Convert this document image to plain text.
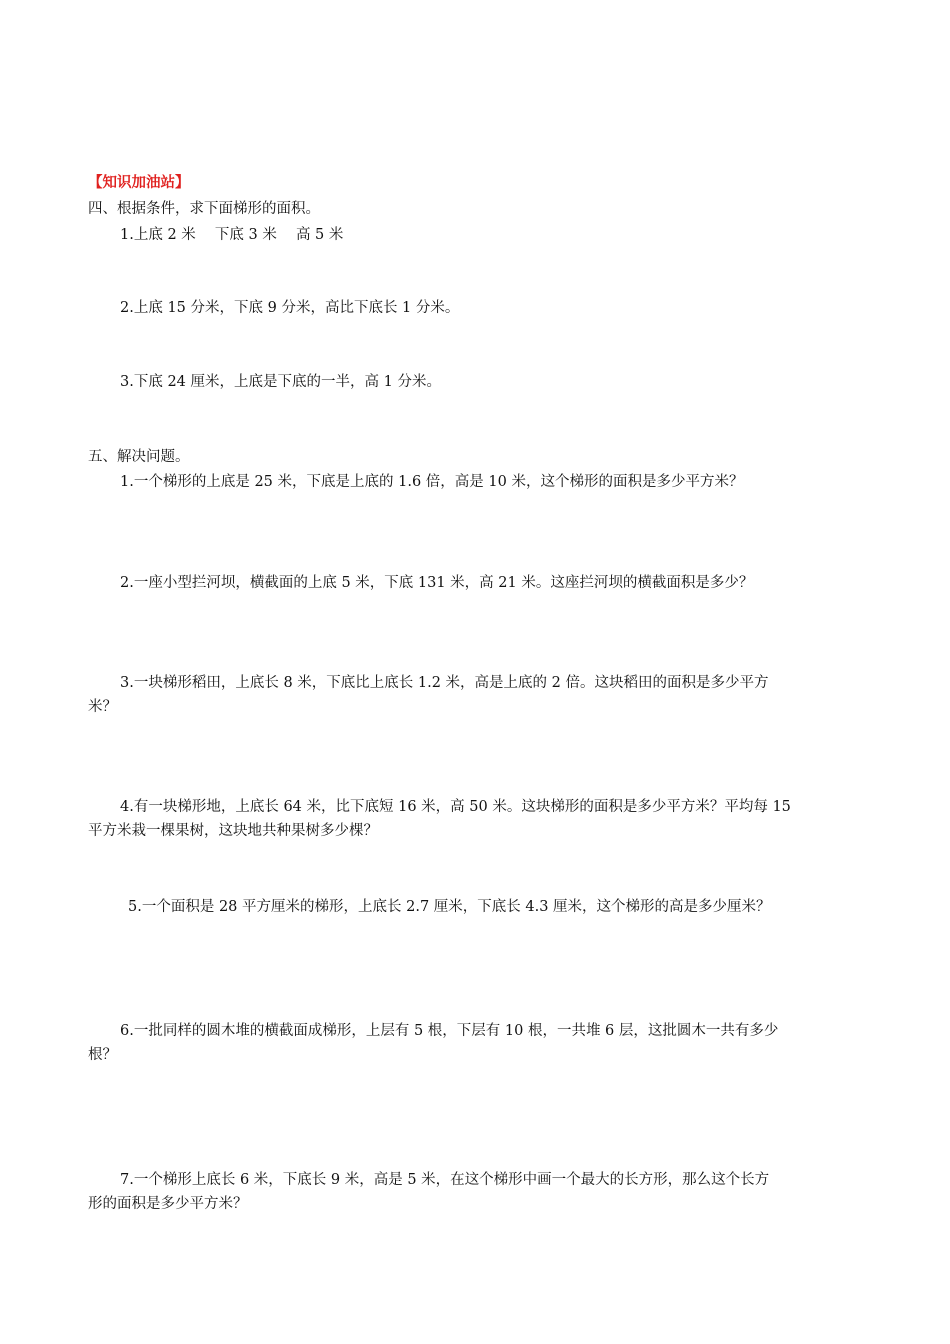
【知识加油站】
四、根据条件，求下面梯形的面积。
1.上底 2 米　 下底 3 米　 高 5 米
2.上底 15 分米，下底 9 分米，高比下底长 1 分米。
3.下底 24 厘米，上底是下底的一半，高 1 分米。
五、解决问题。
1.一个梯形的上底是 25 米，下底是上底的 1.6 倍，高是 10 米，这个梯形的面积是多少平方米？
2.一座小型拦河坝，横截面的上底 5 米，下底 131 米，高 21 米。这座拦河坝的横截面积是多少？
3.一块梯形稻田，上底长 8 米，下底比上底长 1.2 米，高是上底的 2 倍。这块稻田的面积是多少平方
米？
4.有一块梯形地，上底长 64 米，比下底短 16 米，高 50 米。这块梯形的面积是多少平方米？平均每 15
平方米栽一棵果树，这块地共种果树多少棵？
5.一个面积是 28 平方厘米的梯形，上底长 2.7 厘米，下底长 4.3 厘米，这个梯形的高是多少厘米？
6.一批同样的圆木堆的横截面成梯形，上层有 5 根，下层有 10 根，一共堆 6 层，这批圆木一共有多少
根？
7.一个梯形上底长 6 米，下底长 9 米，高是 5 米，在这个梯形中画一个最大的长方形，那么这个长方
形的面积是多少平方米？
